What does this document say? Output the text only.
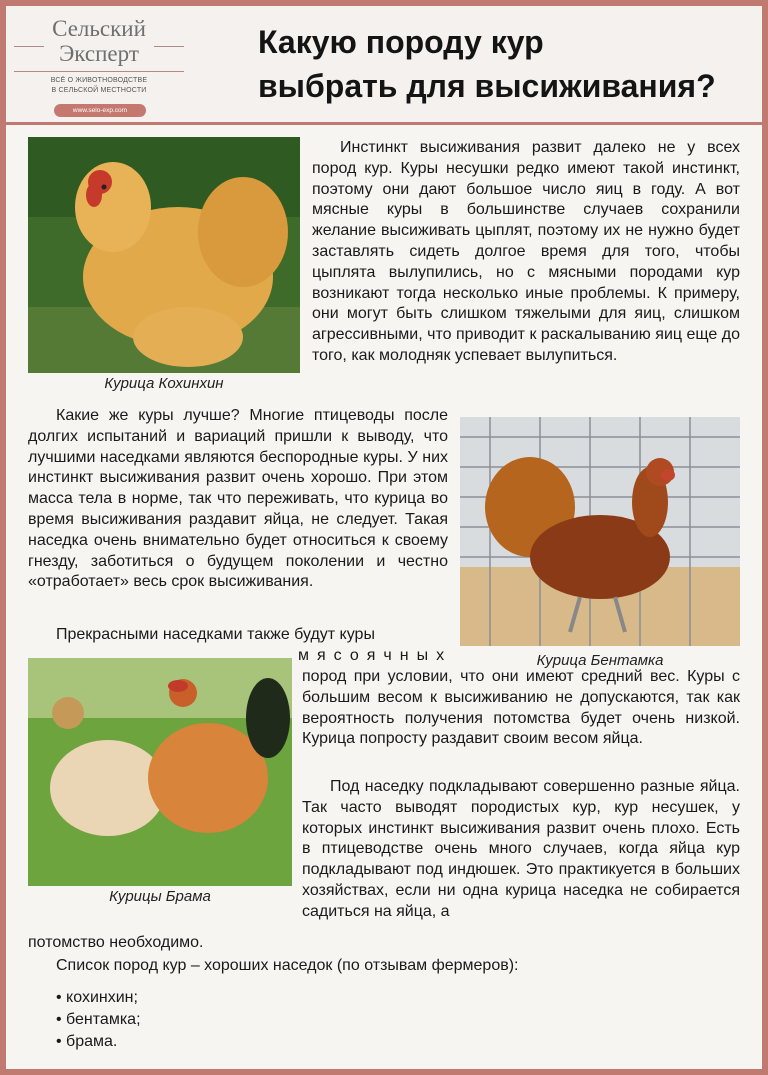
Сельский
Эксперт
ВСЁ О ЖИВОТНОВОДСТВЕ
В СЕЛЬСКОЙ МЕСТНОСТИ
www.selo-exp.com
Какую породу кур
выбрать для высиживания?
Курица Кохинхин
Инстинкт высиживания развит далеко не у всех пород кур. Куры несушки редко имеют такой инстинкт, поэтому они дают большое число яиц в году. А вот мясные куры в большинстве случаев сохранили желание высиживать цыплят, поэтому их не нужно будет заставлять сидеть долгое время для того, чтобы цыплята вылупились, но с мясными породами кур возникают тогда несколько иные проблемы. К примеру, они могут быть слишком тяжелыми для яиц, слишком агрессивными, что приводит к раскалыванию яиц еще до того, как молодняк успевает вылупиться.
Какие же куры лучше? Многие птицеводы после долгих испытаний и вариаций пришли к выводу, что лучшими наседками являются беспородные куры. У них инстинкт высиживания развит очень хорошо. При этом масса тела в норме, так что переживать, что курица во время высиживания раздавит яйца, не следует. Такая наседка очень внимательно будет относиться к своему гнезду, заботиться о будущем поколении и честно «отработает» весь срок высиживания.
Курица Бентамка
Прекрасными наседками также будут куры
мясоячных
Курицы Брама
пород при условии, что они имеют средний вес. Куры с большим весом к высиживанию не допускаются, так как вероятность получения потомства будет очень низкой. Курица попросту раздавит своим весом яйца.
Под наседку подкладывают совершенно разные яйца. Так часто выводят породистых кур, кур несушек, у которых инстинкт высиживания развит очень плохо. Есть в птицеводстве очень много случаев, когда яйца кур подкладывают под индюшек. Это практикуется в больших хозяйствах, если ни одна курица наседка не собирается садиться на яйца, а
потомство необходимо.
Список пород кур – хороших наседок (по отзывам фермеров):
• кохинхин;
• бентамка;
• брама.
